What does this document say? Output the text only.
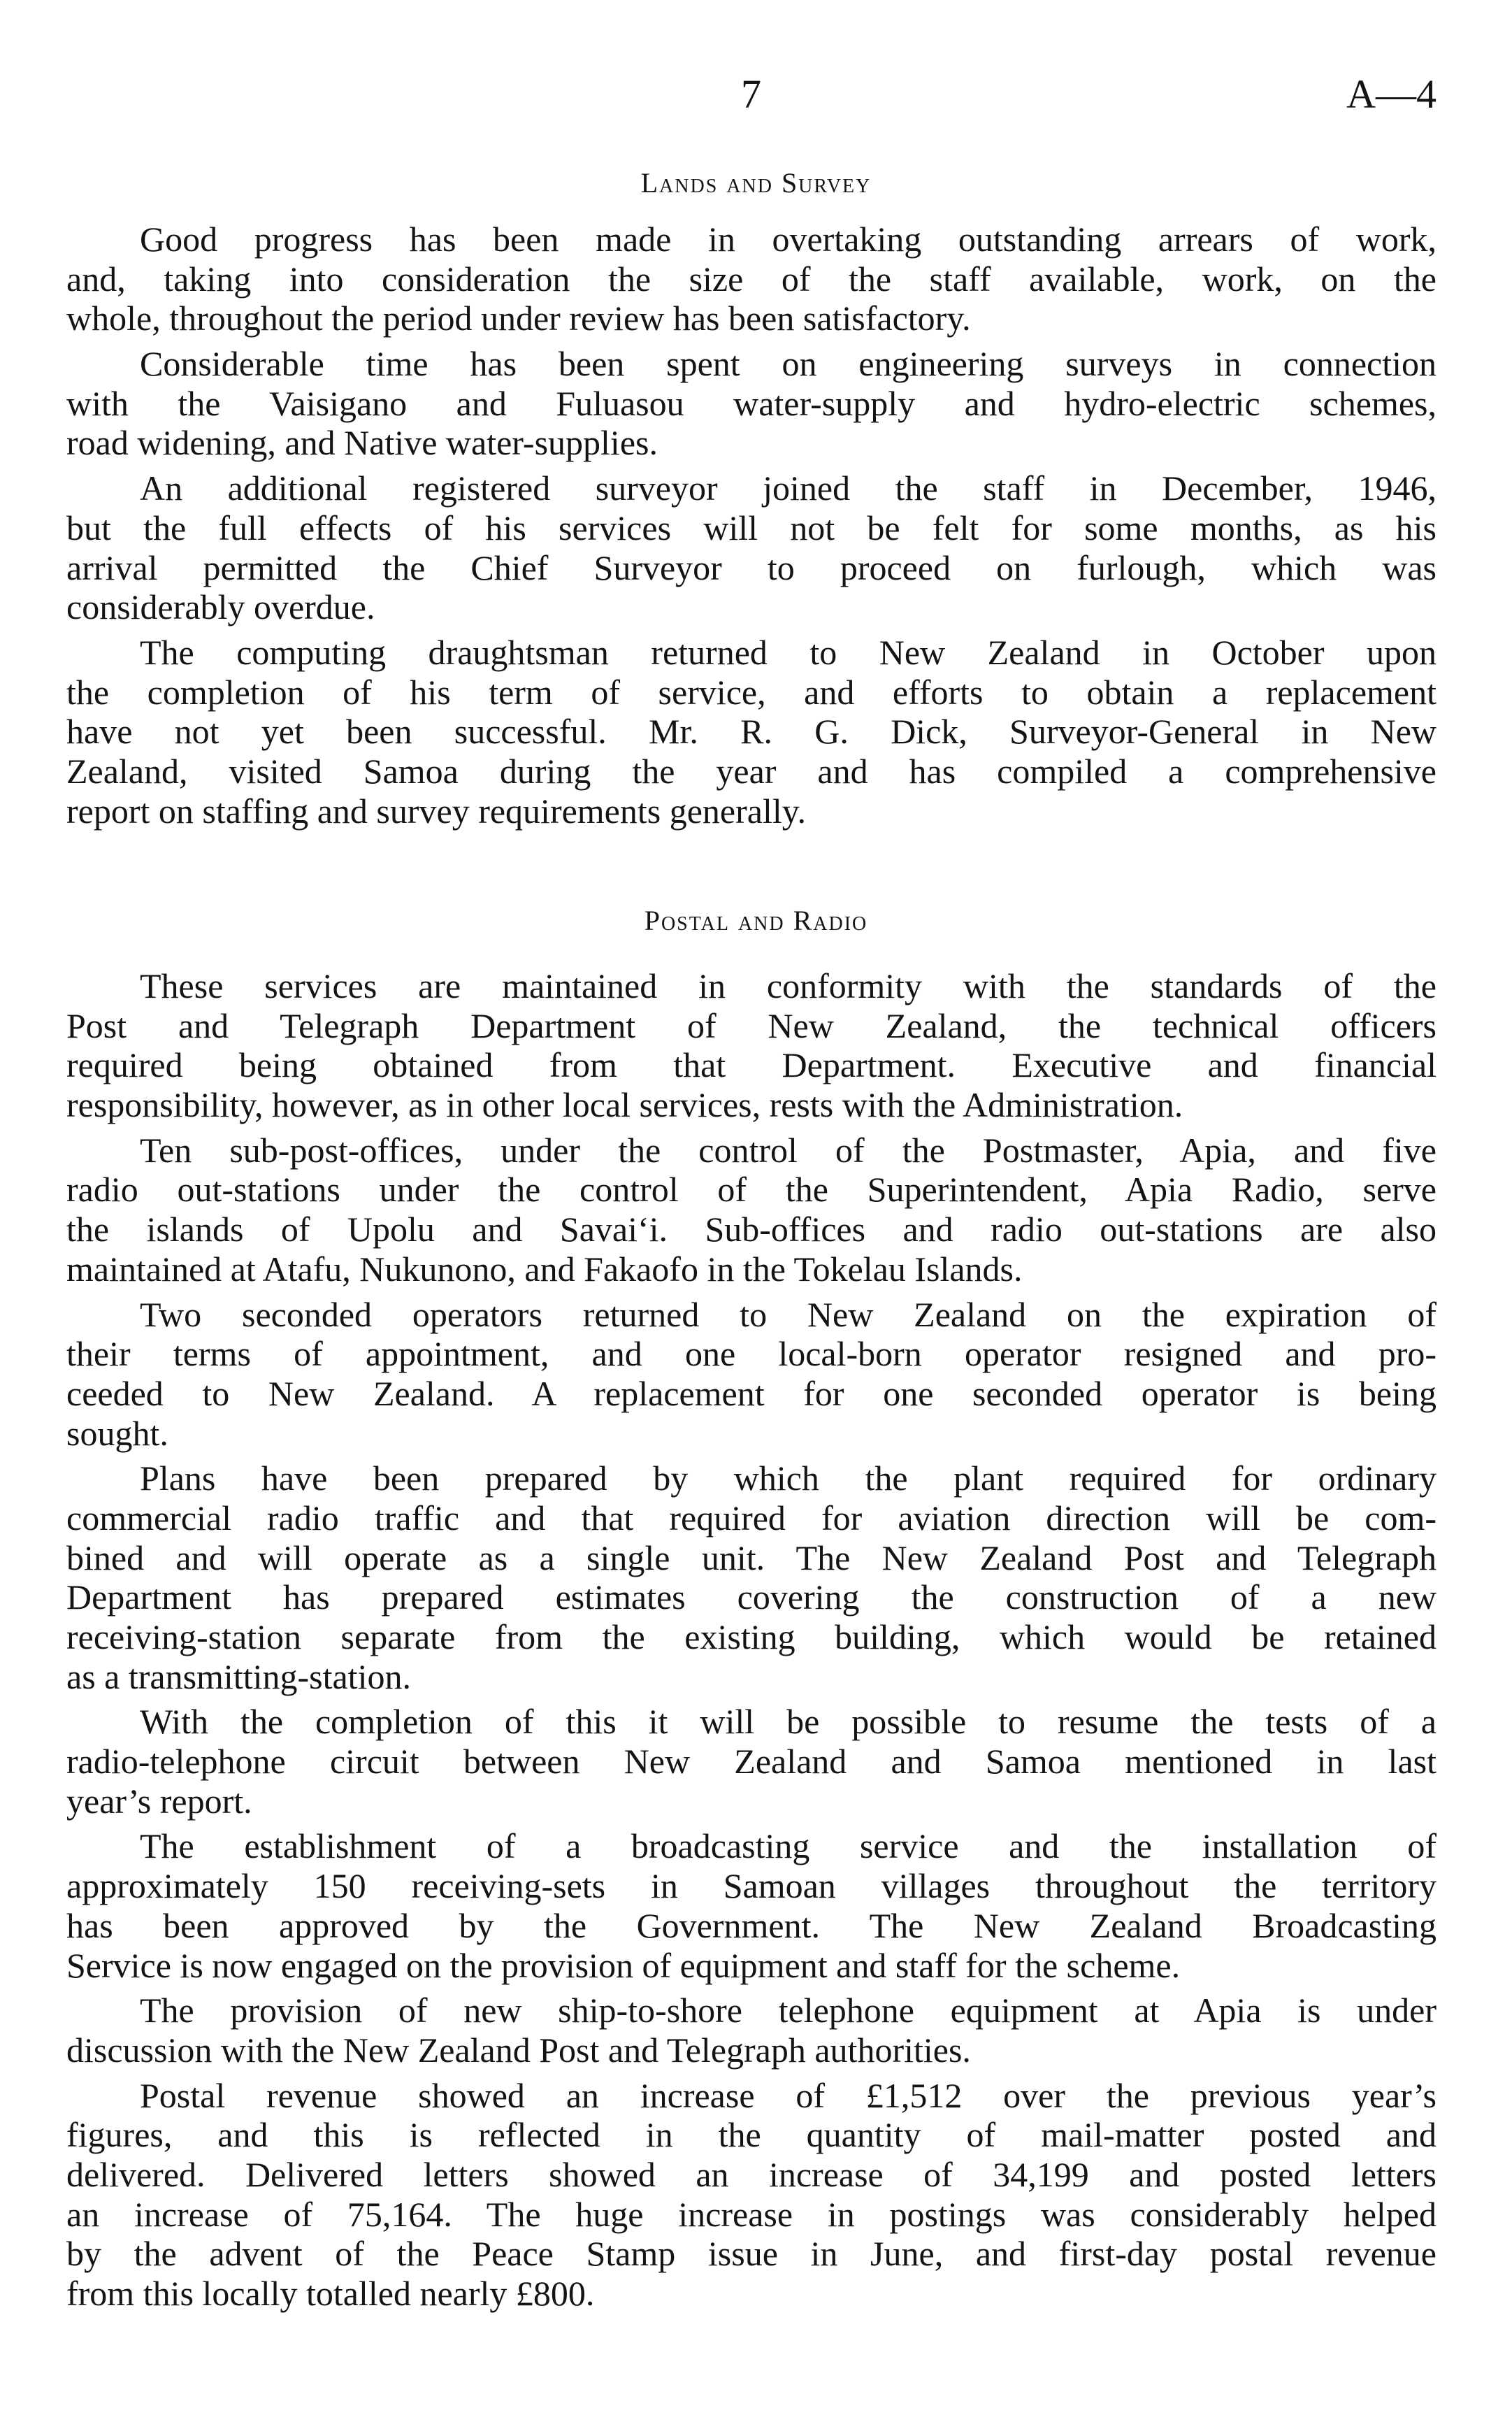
7	A—4
Lands and Survey
Good progress has been made in overtaking outstanding arrears of work,
and, taking into consideration the size of the staff available, work, on the
whole, throughout the period under review has been satisfactory.
Considerable time has been spent on engineering surveys in connection
with the Vaisigano and Fuluasou water-supply and hydro-electric schemes,
road widening, and Native water-supplies.
An additional registered surveyor joined the staff in December, 1946,
but the full effects of his services will not be felt for some months, as his
arrival permitted the Chief Surveyor to proceed on furlough, which was
considerably overdue.
The computing draughtsman returned to New Zealand in October upon
the completion of his term of service, and efforts to obtain a replacement
have not yet been successful. Mr. R. G. Dick, Surveyor-General in New
Zealand, visited Samoa during the year and has compiled a comprehensive
report on staffing and survey requirements generally.
Postal and Radio
These services are maintained in conformity with the standards of the
Post and Telegraph Department of New Zealand, the technical officers
required being obtained from that Department. Executive and financial
responsibility, however, as in other local services, rests with the Administration.
Ten sub-post-offices, under the control of the Postmaster, Apia, and five
radio out-stations under the control of the Superintendent, Apia Radio, serve
the islands of Upolu and Savai‘i. Sub-offices and radio out-stations are also
maintained at Atafu, Nukunono, and Fakaofo in the Tokelau Islands.
Two seconded operators returned to New Zealand on the expiration of
their terms of appointment, and one local-born operator resigned and pro-
ceeded to New Zealand. A replacement for one seconded operator is being
sought.
Plans have been prepared by which the plant required for ordinary
commercial radio traffic and that required for aviation direction will be com-
bined and will operate as a single unit. The New Zealand Post and Telegraph
Department has prepared estimates covering the construction of a new
receiving-station separate from the existing building, which would be retained
as a transmitting-station.
With the completion of this it will be possible to resume the tests of a
radio-telephone circuit between New Zealand and Samoa mentioned in last
year’s report.
The establishment of a broadcasting service and the installation of
approximately 150 receiving-sets in Samoan villages throughout the territory
has been approved by the Government. The New Zealand Broadcasting
Service is now engaged on the provision of equipment and staff for the scheme.
The provision of new ship-to-shore telephone equipment at Apia is under
discussion with the New Zealand Post and Telegraph authorities.
Postal revenue showed an increase of £1,512 over the previous year’s
figures, and this is reflected in the quantity of mail-matter posted and
delivered. Delivered letters showed an increase of 34,199 and posted letters
an increase of 75,164. The huge increase in postings was considerably helped
by the advent of the Peace Stamp issue in June, and first-day postal revenue
from this locally totalled nearly £800.
